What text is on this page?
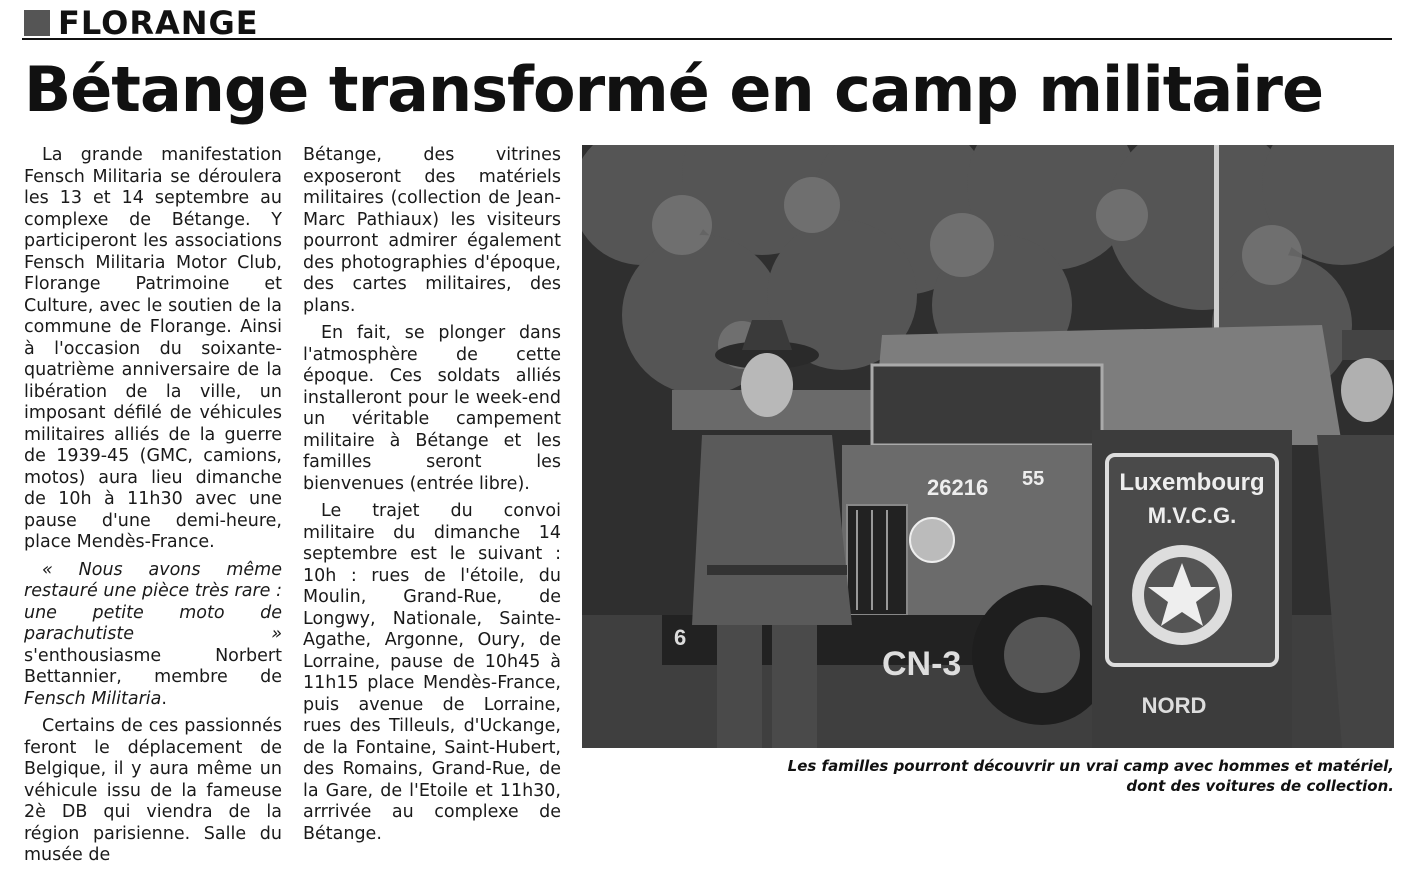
FLORANGE
Bétange transformé en camp militaire

La grande manifestation Fensch Militaria se déroulera les 13 et 14 septembre au complexe de Bétange. Y participeront les associations Fensch Militaria Motor Club, Florange Patrimoine et Culture, avec le soutien de la commune de Florange. Ainsi à l'occasion du soixante-quatrième anniversaire de la libération de la ville, un imposant défilé de véhicules militaires alliés de la guerre de 1939-45 (GMC, camions, motos) aura lieu dimanche de 10h à 11h30 avec une pause d'une demi-heure, place Mendès-France.

« Nous avons même restauré une pièce très rare : une petite moto de parachutiste » s'enthousiasme Norbert Bettannier, membre de Fensch Militaria.

Certains de ces passionnés feront le déplacement de Belgique, il y aura même un véhicule issu de la fameuse 2è DB qui viendra de la région parisienne. Salle du musée de

Bétange, des vitrines exposeront des matériels militaires (collection de Jean-Marc Pathiaux) les visiteurs pourront admirer également des photographies d'époque, des cartes militaires, des plans.

En fait, se plonger dans l'atmosphère de cette époque. Ces soldats alliés installeront pour le week-end un véritable campement militaire à Bétange et les familles seront les bienvenues (entrée libre).

Le trajet du convoi militaire du dimanche 14 septembre est le suivant : 10h : rues de l'étoile, du Moulin, Grand-Rue, de Longwy, Nationale, Sainte-Agathe, Argonne, Oury, de Lorraine, pause de 10h45 à 11h15 place Mendès-France, puis avenue de Lorraine, rues des Tilleuls, d'Uckange, de la Fontaine, Saint-Hubert, des Romains, Grand-Rue, de la Gare, de l'Etoile et 11h30, arrrivée au complexe de Bétange.

26216 55
CN-3
6
Luxembourg
M.V.C.G.
NORD
Les familles pourront découvrir un vrai camp avec hommes et matériel,
dont des voitures de collection.
